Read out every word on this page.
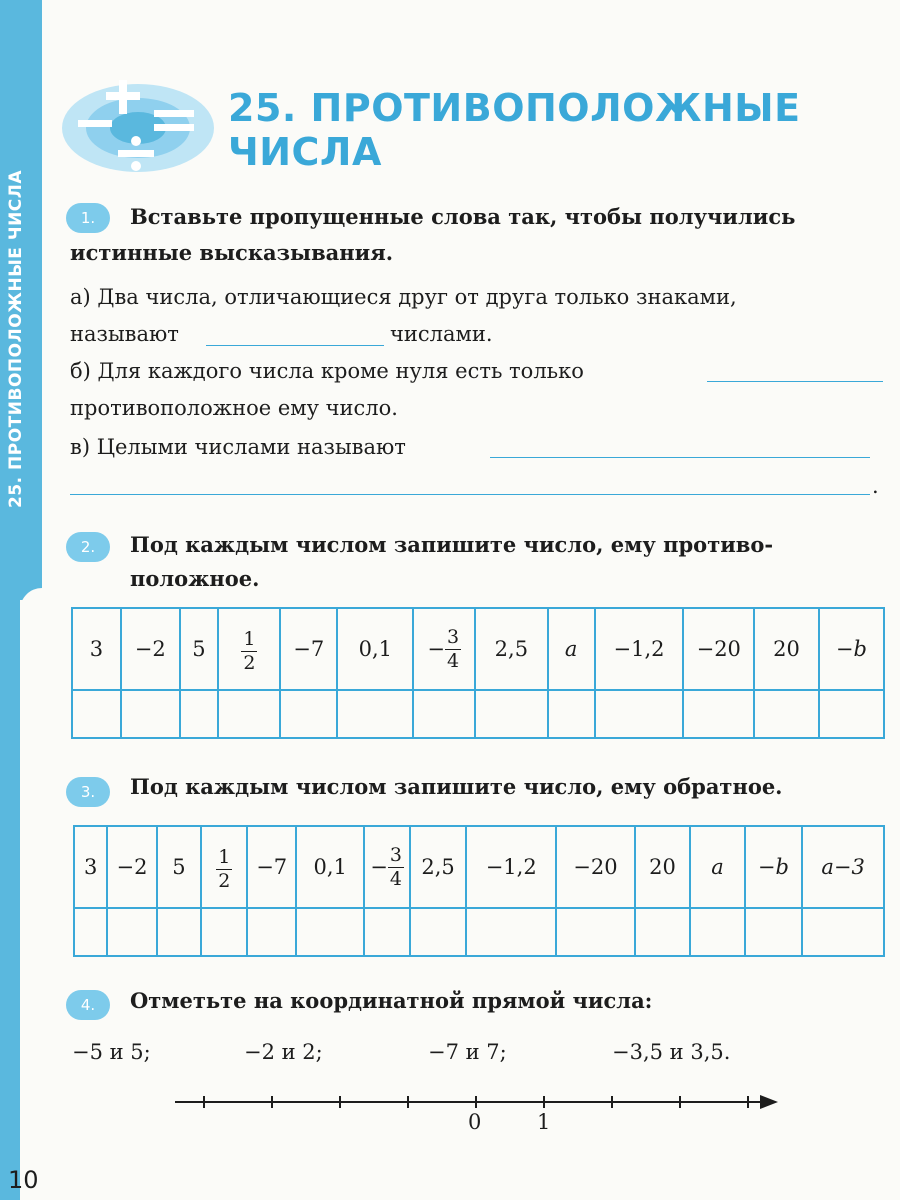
10
25. ПРОТИВОПОЛОЖНЫЕ
ЧИСЛА
1.	Вставьте пропущенные слова так, чтобы получились
истинные высказывания.
а) Два числа, отличающиеся друг от друга только знаками,
называют	числами.
б) Для каждого числа кроме нуля есть только
противоположное ему число.
в) Целыми числами называют
.
2.	Под каждым числом запишите число, ему противо-
положное.
3	−2	5	$\frac{1}{2}$	−7	0,1	− $\frac{3}{4}$	2,5	a	−1,2	−20	20	−b

3.	Под каждым числом запишите число, ему обратное.
3	−2	5	$\frac{1}{2}$	−7	0,1	− $\frac{3}{4}$	2,5	−1,2	−20	20	a	−b	a−3

4.	Отметьте на координатной прямой числа:
−5 и 5;	−2 и 2;	−7 и 7;	−3,5 и 3,5.
0	1
